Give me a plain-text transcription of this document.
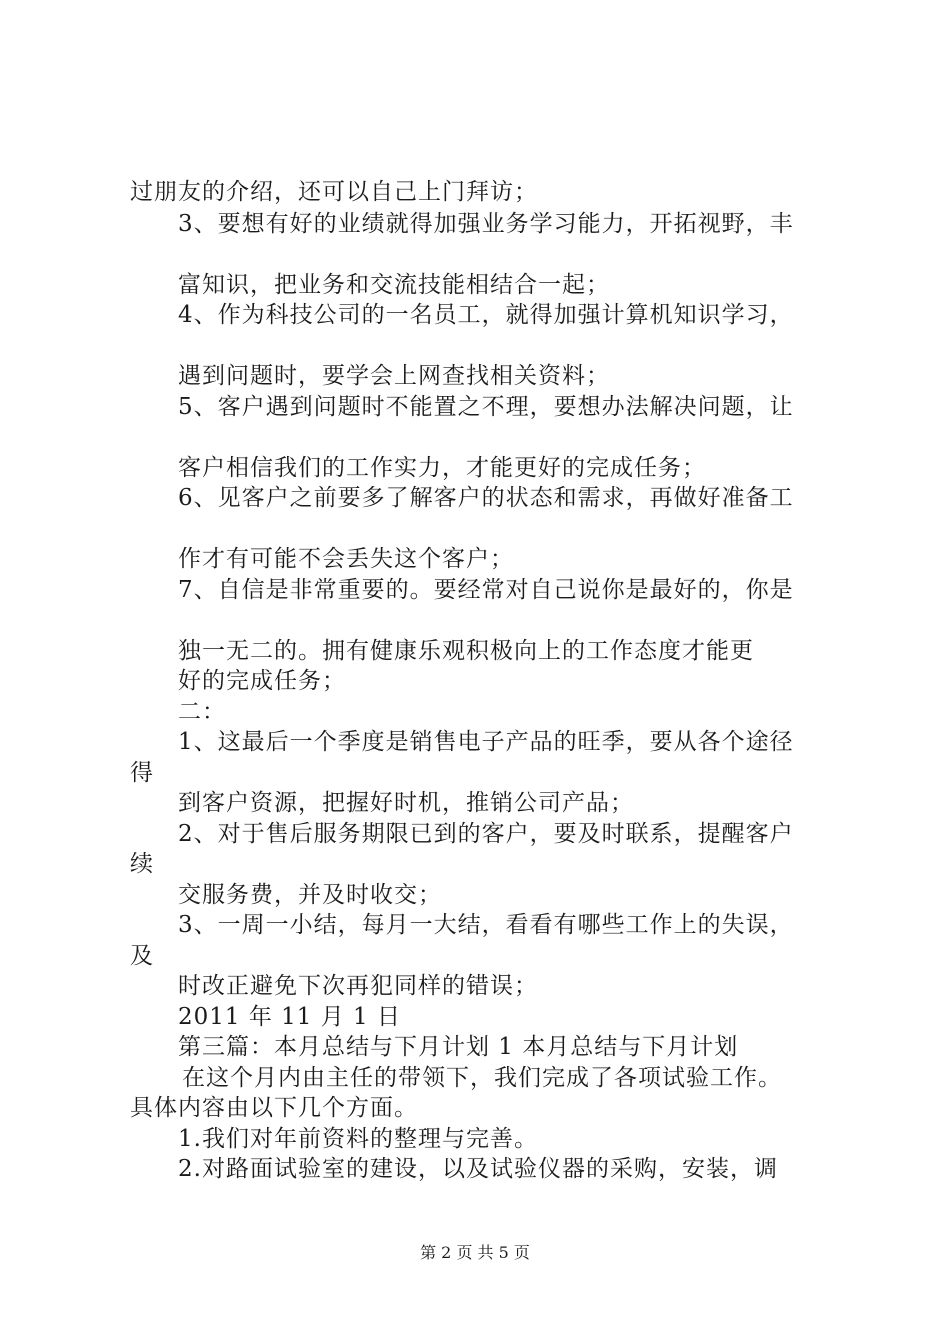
过朋友的介绍，还可以自己上门拜访；
3、要想有好的业绩就得加强业务学习能力，开拓视野，丰
富知识，把业务和交流技能相结合一起；
4、作为科技公司的一名员工，就得加强计算机知识学习，
遇到问题时，要学会上网查找相关资料；
5、客户遇到问题时不能置之不理，要想办法解决问题，让
客户相信我们的工作实力，才能更好的完成任务；
6、见客户之前要多了解客户的状态和需求，再做好准备工
作才有可能不会丢失这个客户；
7、自信是非常重要的。要经常对自己说你是最好的，你是
独一无二的。拥有健康乐观积极向上的工作态度才能更
好的完成任务；
二：
1、这最后一个季度是销售电子产品的旺季，要从各个途径
得
到客户资源，把握好时机，推销公司产品；
2、对于售后服务期限已到的客户，要及时联系，提醒客户
续
交服务费，并及时收交；
3、一周一小结，每月一大结，看看有哪些工作上的失误，
及
时改正避免下次再犯同样的错误；
2011 年 11 月 1 日
第三篇：本月总结与下月计划 1 本月总结与下月计划
在这个月内由主任的带领下，我们完成了各项试验工作。
具体内容由以下几个方面。
1.我们对年前资料的整理与完善。
2.对路面试验室的建设，以及试验仪器的采购，安装，调
第 2 页 共 5 页
